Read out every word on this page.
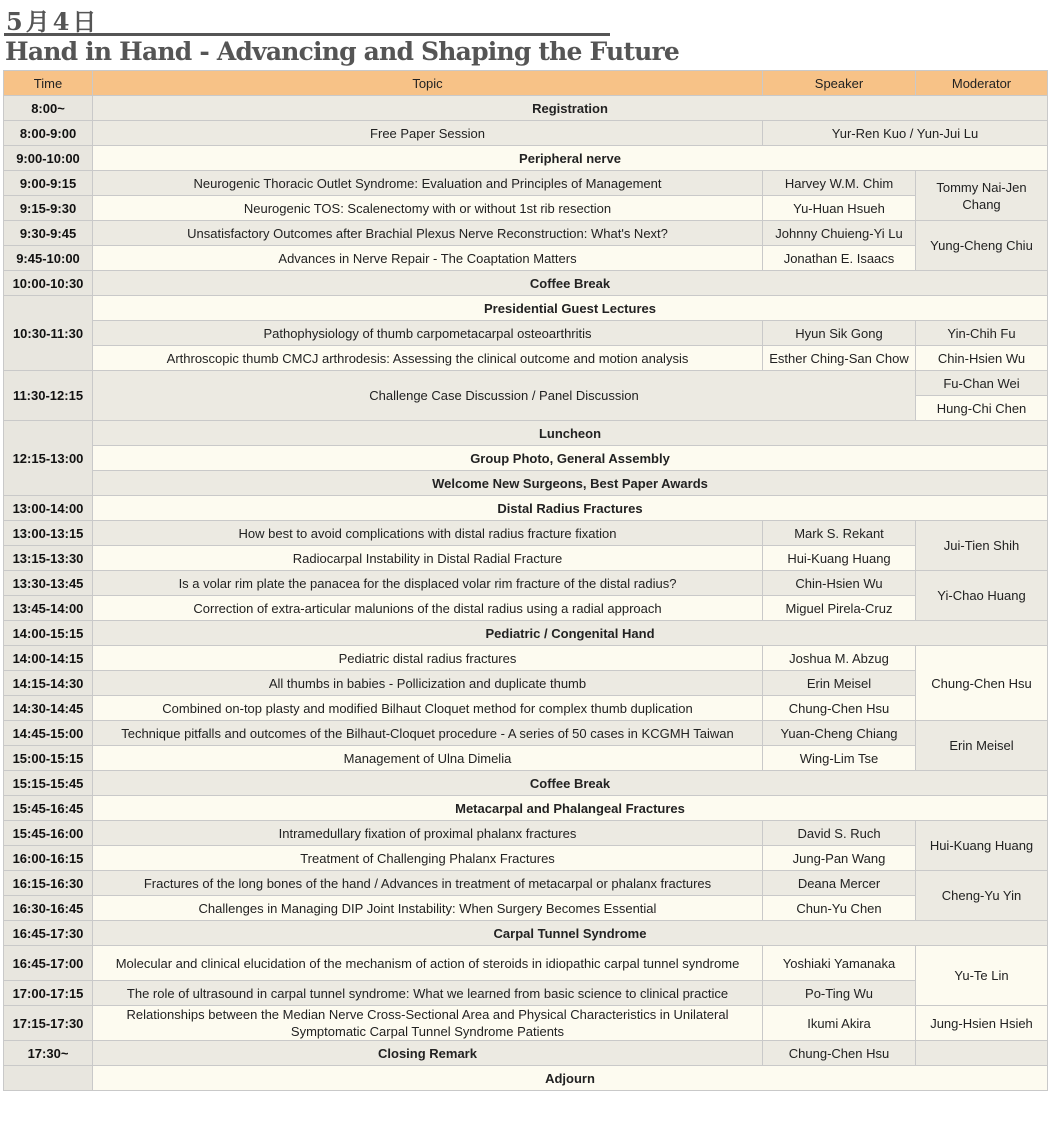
5月4日
Hand in Hand - Advancing and Shaping the Future
Time	Topic	Speaker	Moderator
8:00~	Registration		
8:00-9:00	Free Paper Session	Yur-Ren Kuo / Yun-Jui Lu	
9:00-10:00	Peripheral nerve		
9:00-9:15	Neurogenic Thoracic Outlet Syndrome: Evaluation and Principles of Management	Harvey W.M. Chim	Tommy Nai-Jen Chang
9:15-9:30	Neurogenic TOS: Scalenectomy with or without 1st rib resection	Yu-Huan Hsueh	
9:30-9:45	Unsatisfactory Outcomes after Brachial Plexus Nerve Reconstruction: What's Next?	Johnny Chuieng-Yi Lu	Yung-Cheng Chiu
9:45-10:00	Advances in Nerve Repair - The Coaptation Matters	Jonathan E. Isaacs	
10:00-10:30	Coffee Break		
10:30-11:30	Presidential Guest Lectures		
	Pathophysiology of thumb carpometacarpal osteoarthritis	Hyun Sik Gong	Yin-Chih Fu
	Arthroscopic thumb CMCJ arthrodesis: Assessing the clinical outcome and motion analysis	Esther Ching-San Chow	Chin-Hsien Wu
11:30-12:15	Challenge Case Discussion / Panel Discussion		Fu-Chan Wei
			Hung-Chi Chen
12:15-13:00	Luncheon		
	Group Photo, General Assembly		
	Welcome New Surgeons, Best Paper Awards		
13:00-14:00	Distal Radius Fractures		
13:00-13:15	How best to avoid complications with distal radius fracture fixation	Mark S. Rekant	Jui-Tien Shih
13:15-13:30	Radiocarpal Instability in Distal Radial Fracture	Hui-Kuang Huang	
13:30-13:45	Is a volar rim plate the panacea for the displaced volar rim fracture of the distal radius?	Chin-Hsien Wu	Yi-Chao Huang
13:45-14:00	Correction of extra-articular malunions of the distal radius using a radial approach	Miguel Pirela-Cruz	
14:00-15:15	Pediatric / Congenital Hand		
14:00-14:15	Pediatric distal radius fractures	Joshua M. Abzug	Chung-Chen Hsu
14:15-14:30	All thumbs in babies - Pollicization and duplicate thumb	Erin Meisel	
14:30-14:45	Combined on-top plasty and modified Bilhaut Cloquet method for complex thumb duplication	Chung-Chen Hsu	
14:45-15:00	Technique pitfalls and outcomes of the Bilhaut-Cloquet procedure - A series of 50 cases in KCGMH Taiwan	Yuan-Cheng Chiang	Erin Meisel
15:00-15:15	Management of Ulna Dimelia	Wing-Lim Tse	
15:15-15:45	Coffee Break		
15:45-16:45	Metacarpal and Phalangeal Fractures		
15:45-16:00	Intramedullary fixation of proximal phalanx fractures	David S. Ruch	Hui-Kuang Huang
16:00-16:15	Treatment of Challenging Phalanx Fractures	Jung-Pan Wang	
16:15-16:30	Fractures of the long bones of the hand / Advances in treatment of metacarpal or phalanx fractures	Deana Mercer	Cheng-Yu Yin
16:30-16:45	Challenges in Managing DIP Joint Instability: When Surgery Becomes Essential	Chun-Yu Chen	
16:45-17:30	Carpal Tunnel Syndrome		
16:45-17:00	Molecular and clinical elucidation of the mechanism of action of steroids in idiopathic carpal tunnel syndrome	Yoshiaki Yamanaka	Yu-Te Lin
17:00-17:15	The role of ultrasound in carpal tunnel syndrome: What we learned from basic science to clinical practice	Po-Ting Wu	
17:15-17:30	Relationships between the Median Nerve Cross-Sectional Area and Physical Characteristics in Unilateral Symptomatic Carpal Tunnel Syndrome Patients	Ikumi Akira	Jung-Hsien Hsieh
17:30~	Closing Remark	Chung-Chen Hsu	
	Adjourn		
